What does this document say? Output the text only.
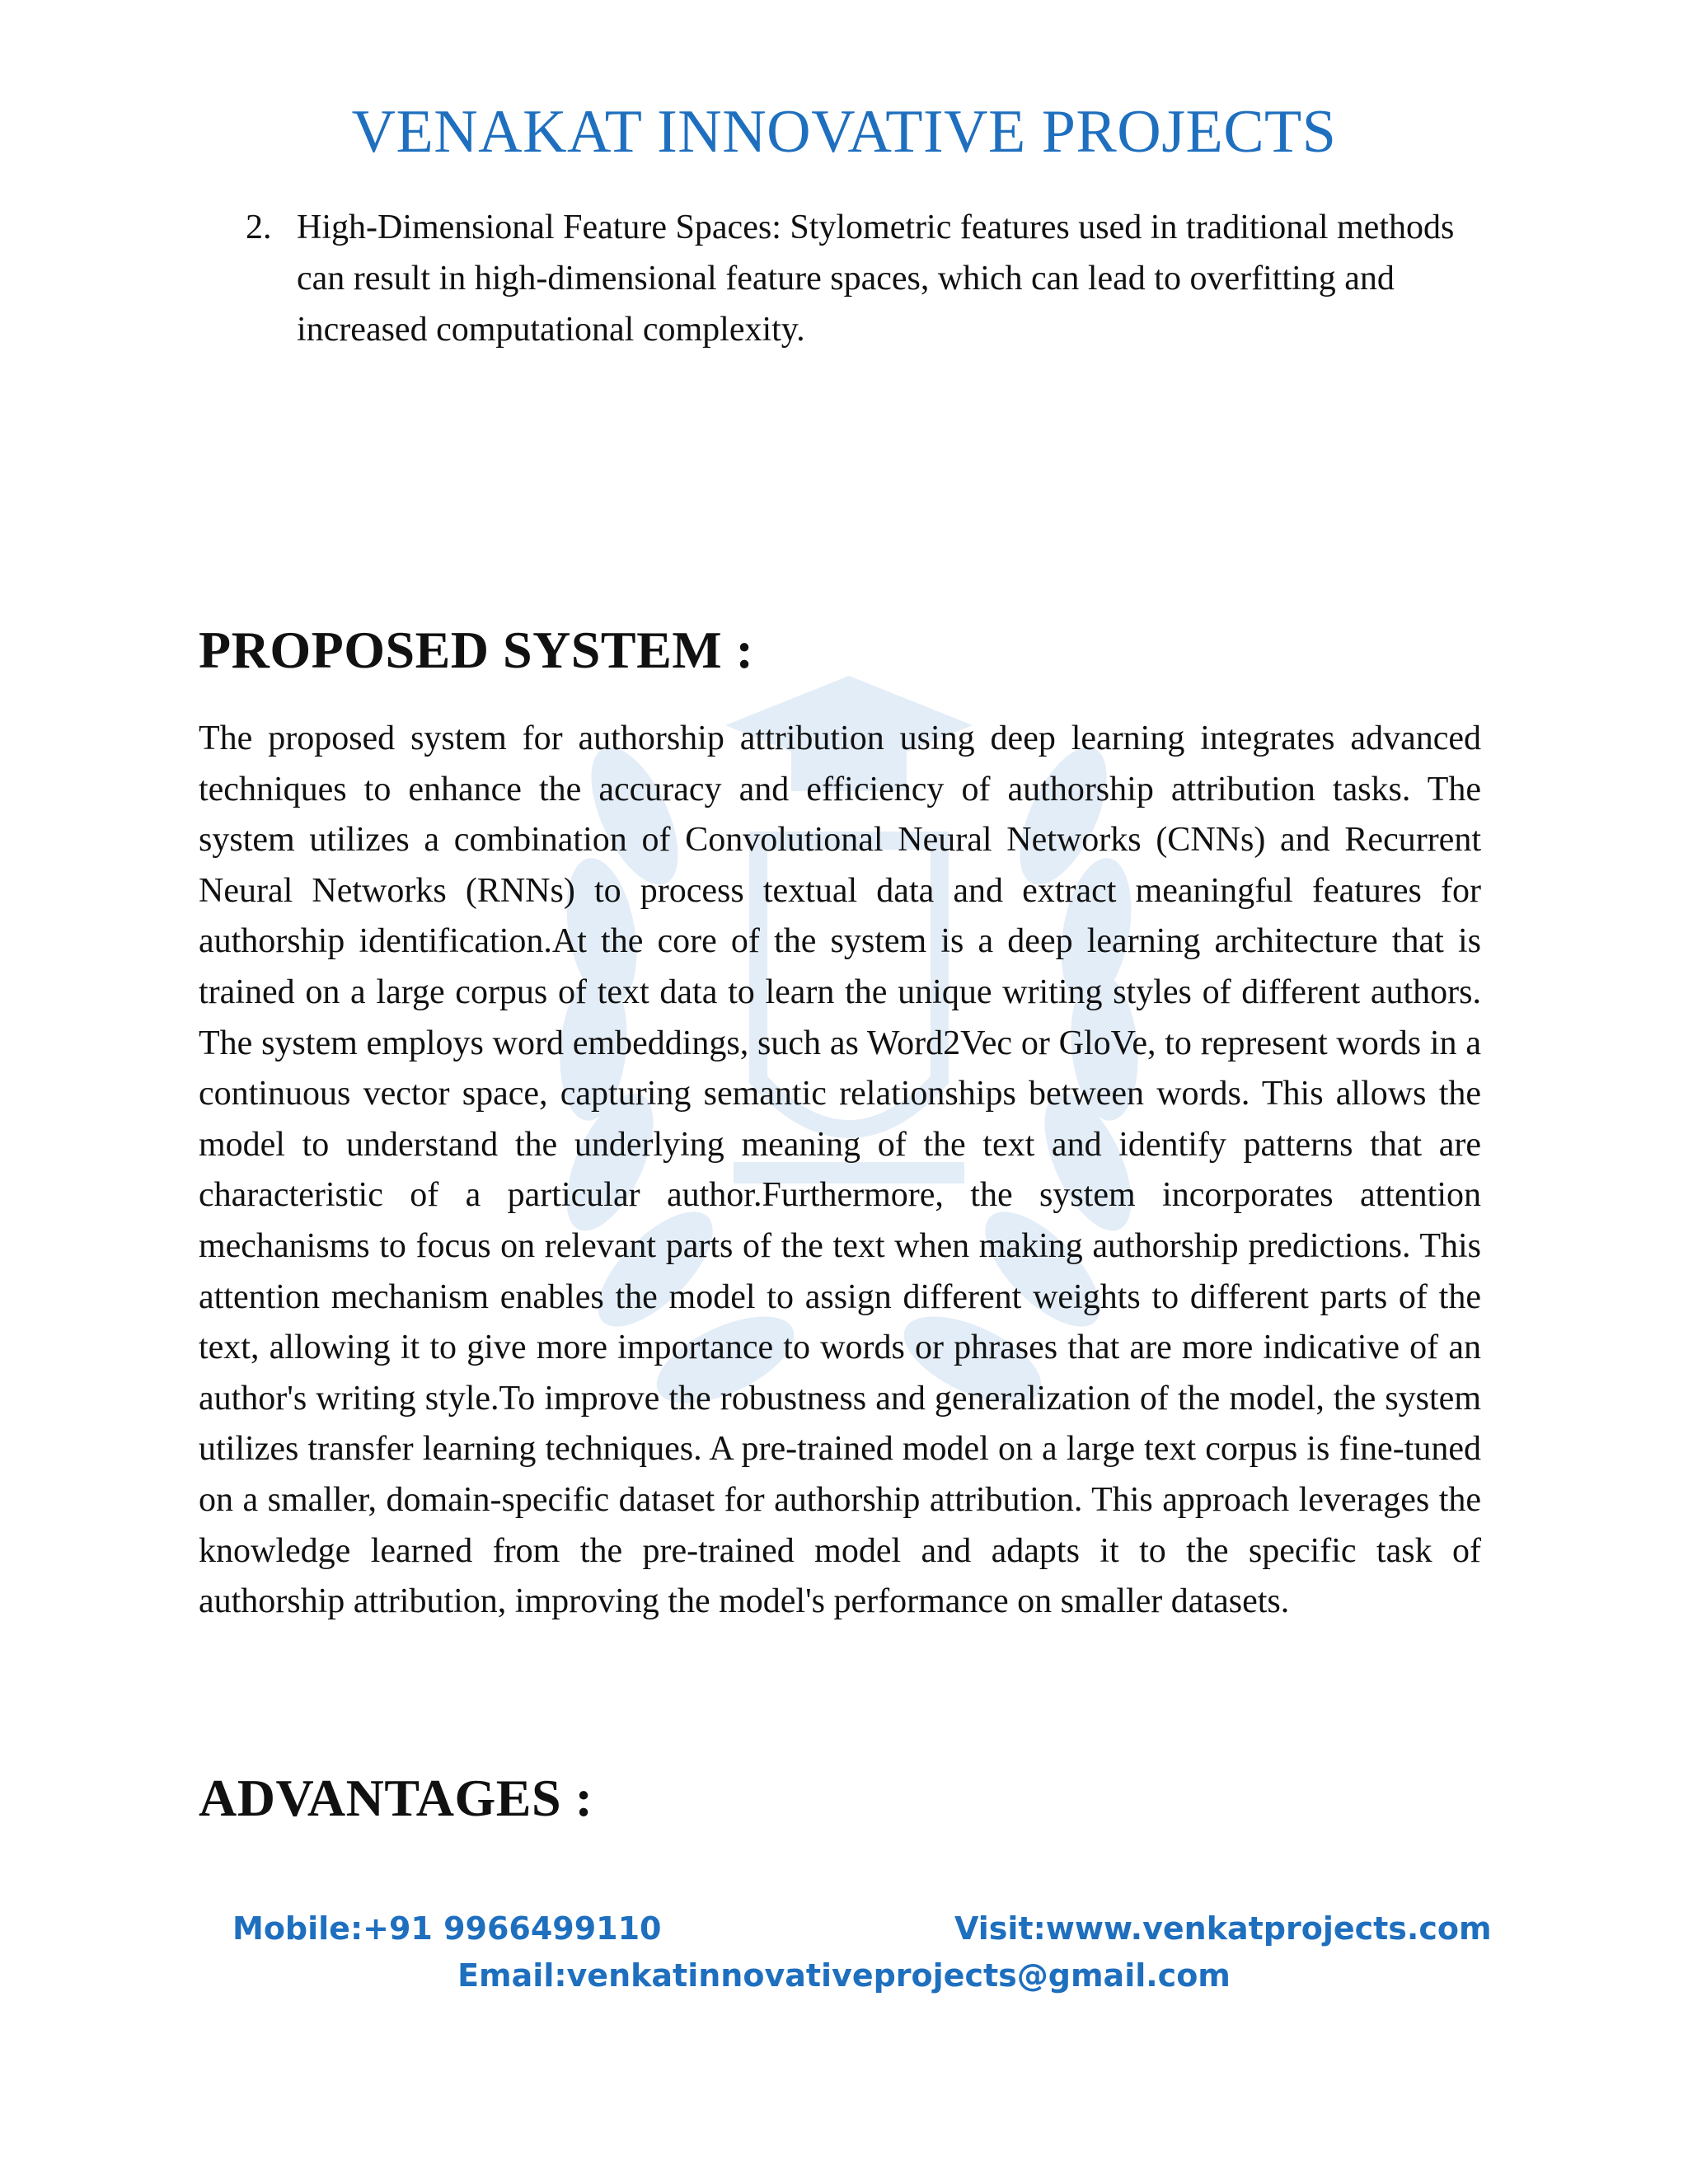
VENAKAT INNOVATIVE PROJECTS
2. High-Dimensional Feature Spaces: Stylometric features used in traditional methods can result in high-dimensional feature spaces, which can lead to overfitting and increased computational complexity.
PROPOSED SYSTEM :

The proposed system for authorship attribution using deep learning integrates advanced techniques to enhance the accuracy and efficiency of authorship attribution tasks. The system utilizes a combination of Convolutional Neural Networks (CNNs) and Recurrent Neural Networks (RNNs) to process textual data and extract meaningful features for authorship identification.At the core of the system is a deep learning architecture that is trained on a large corpus of text data to learn the unique writing styles of different authors. The system employs word embeddings, such as Word2Vec or GloVe, to represent words in a continuous vector space, capturing semantic relationships between words. This allows the model to understand the underlying meaning of the text and identify patterns that are characteristic of a particular author.Furthermore, the system incorporates attention mechanisms to focus on relevant parts of the text when making authorship predictions. This attention mechanism enables the model to assign different weights to different parts of the text, allowing it to give more importance to words or phrases that are more indicative of an author's writing style.To improve the robustness and generalization of the model, the system utilizes transfer learning techniques. A pre-trained model on a large text corpus is fine-tuned on a smaller, domain-specific dataset for authorship attribution. This approach leverages the knowledge learned from the pre-trained model and adapts it to the specific task of authorship attribution, improving the model's performance on smaller datasets.

ADVANTAGES :
Mobile:+91 9966499110	Visit:www.venkatprojects.com
Email:venkatinnovativeprojects@gmail.com
